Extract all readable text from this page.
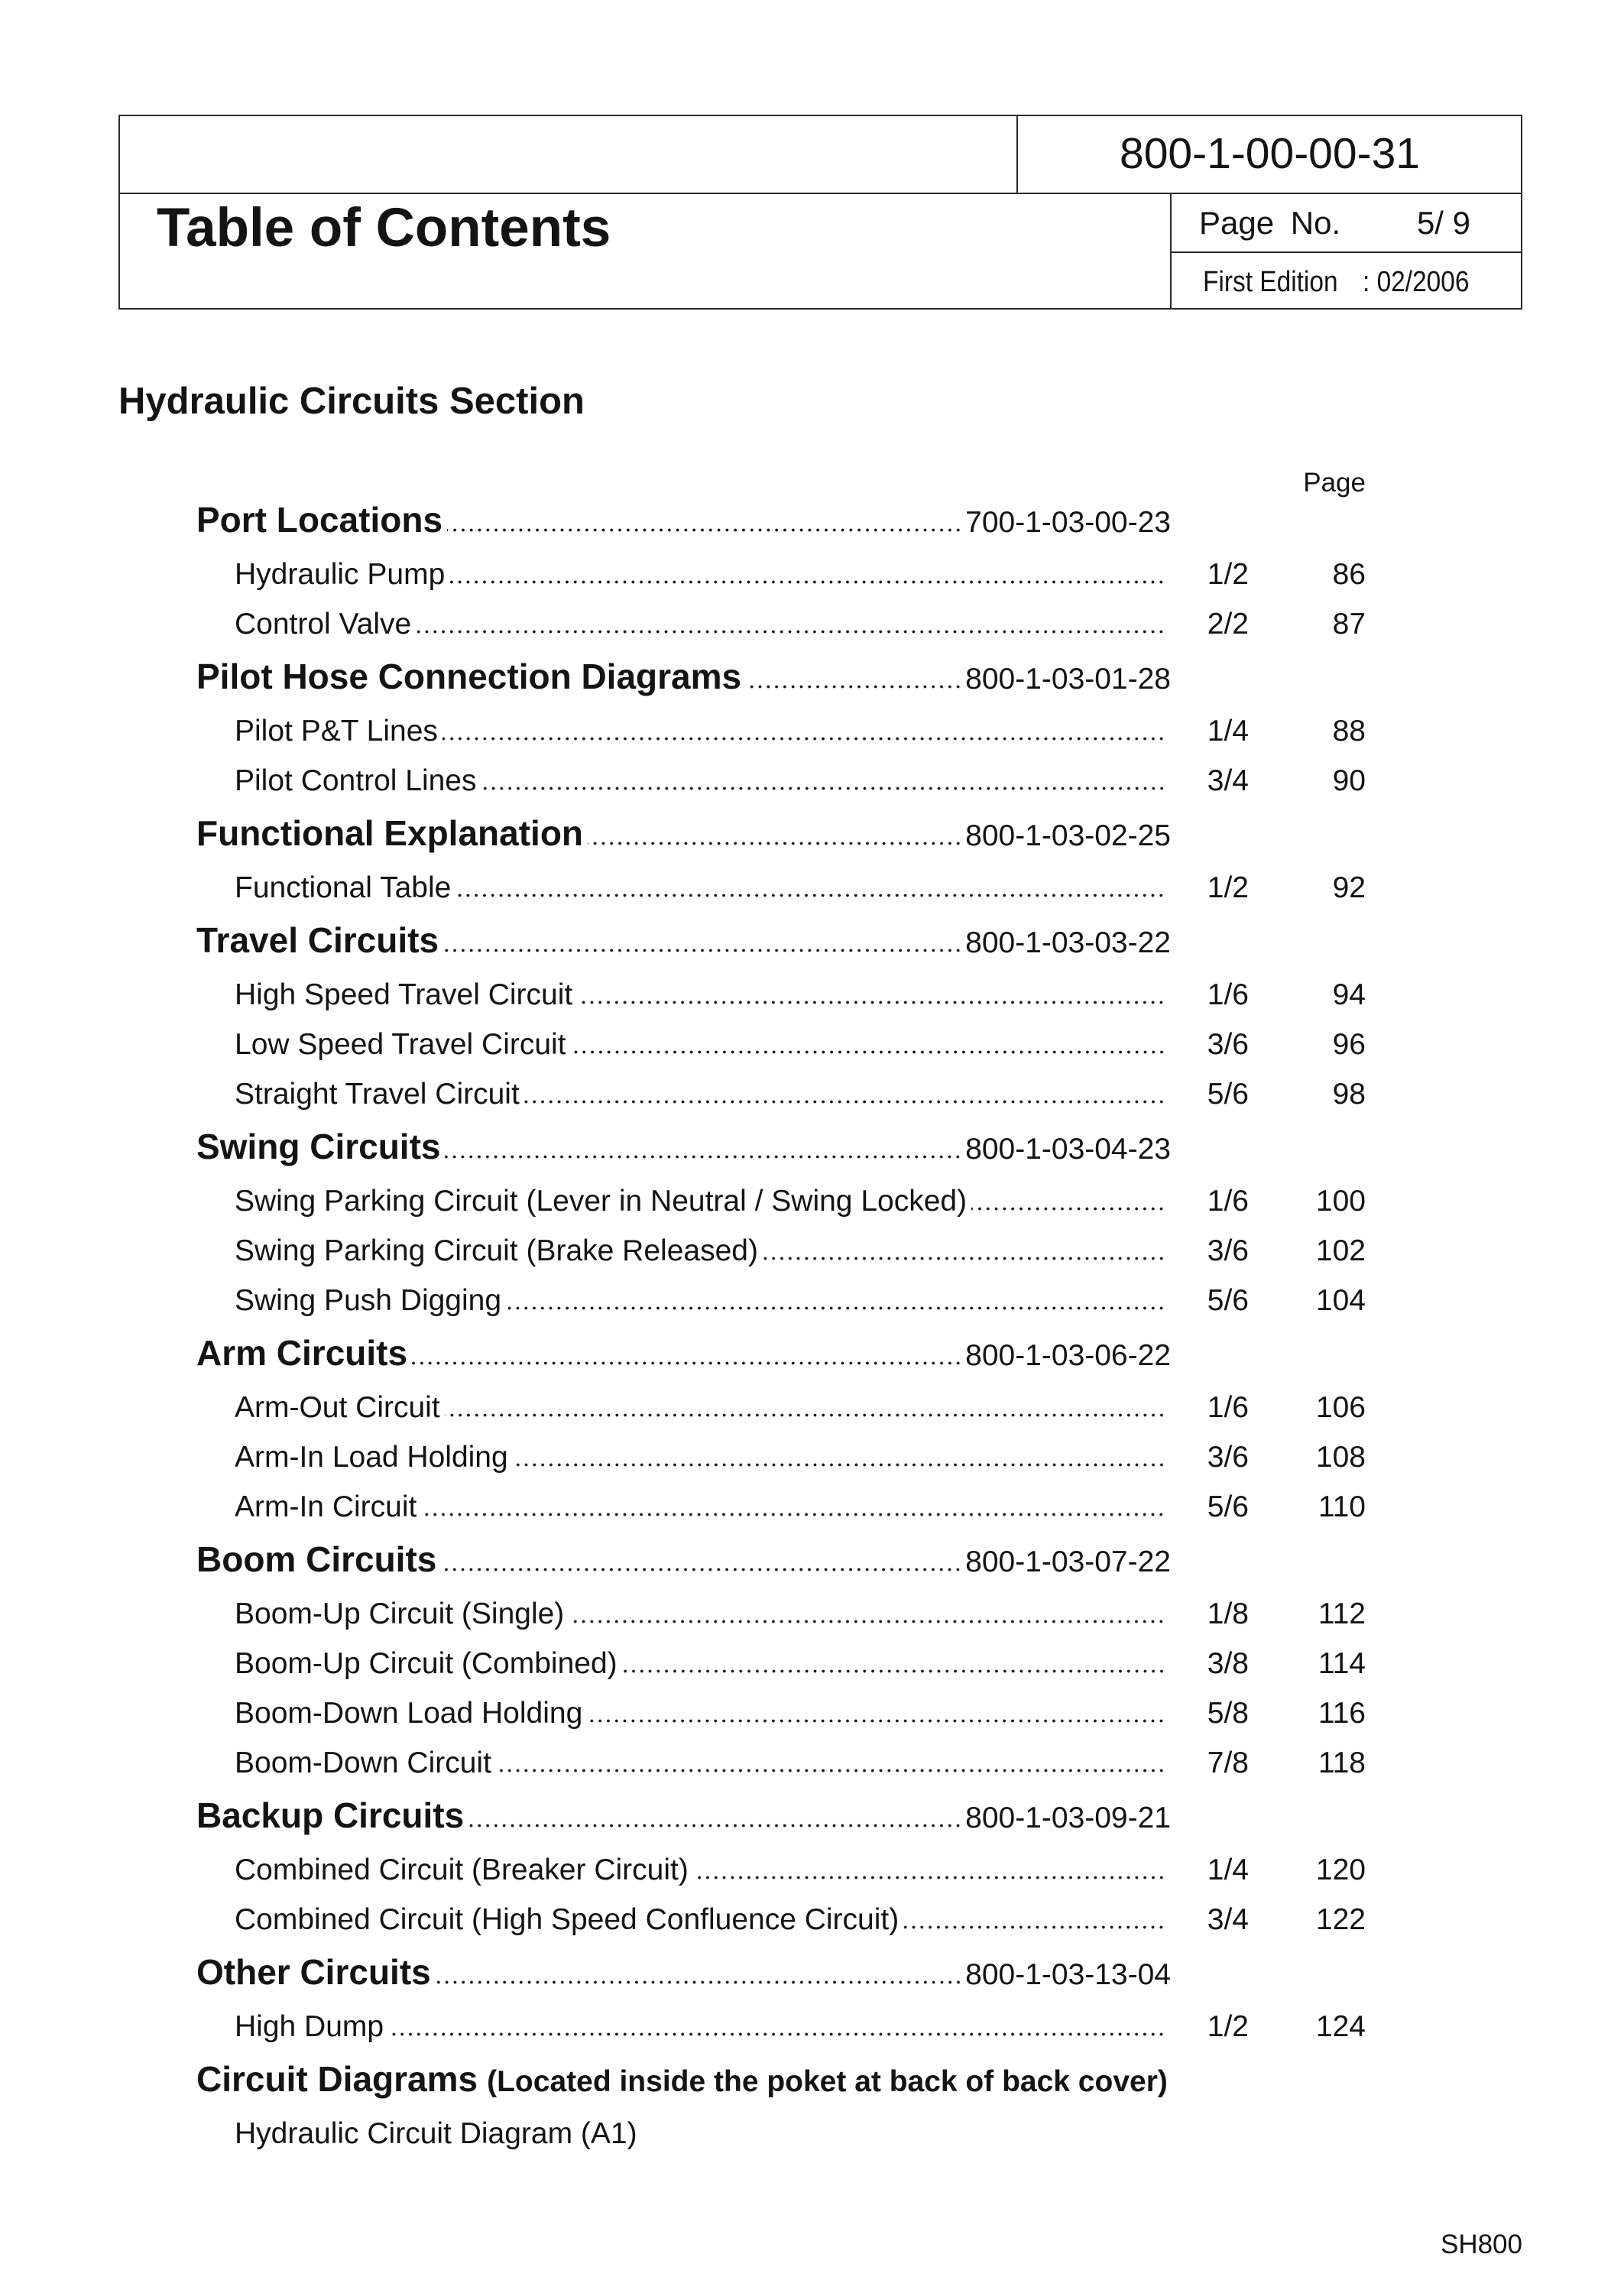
800-1-00-00-31
Table of Contents	Page No. 5/ 9
First Edition : 02/2006
Hydraulic Circuits Section
Page
Port Locations	700-1-03-00-23
Hydraulic Pump	1/2	86
Control Valve	2/2	87
Pilot Hose Connection Diagrams	800-1-03-01-28
Pilot P&T Lines	1/4	88
Pilot Control Lines	3/4	90
Functional Explanation	800-1-03-02-25
Functional Table	1/2	92
Travel Circuits	800-1-03-03-22
High Speed Travel Circuit	1/6	94
Low Speed Travel Circuit	3/6	96
Straight Travel Circuit	5/6	98
Swing Circuits	800-1-03-04-23
Swing Parking Circuit (Lever in Neutral / Swing Locked)	1/6	100
Swing Parking Circuit (Brake Released)	3/6	102
Swing Push Digging	5/6	104
Arm Circuits	800-1-03-06-22
Arm-Out Circuit	1/6	106
Arm-In Load Holding	3/6	108
Arm-In Circuit	5/6	110
Boom Circuits	800-1-03-07-22
Boom-Up Circuit (Single)	1/8	112
Boom-Up Circuit (Combined)	3/8	114
Boom-Down Load Holding	5/8	116
Boom-Down Circuit	7/8	118
Backup Circuits	800-1-03-09-21
Combined Circuit (Breaker Circuit)	1/4	120
Combined Circuit (High Speed Confluence Circuit)	3/4	122
Other Circuits	800-1-03-13-04
High Dump	1/2	124
Circuit Diagrams (Located inside the poket at back of back cover)
Hydraulic Circuit Diagram (A1)
SH800
